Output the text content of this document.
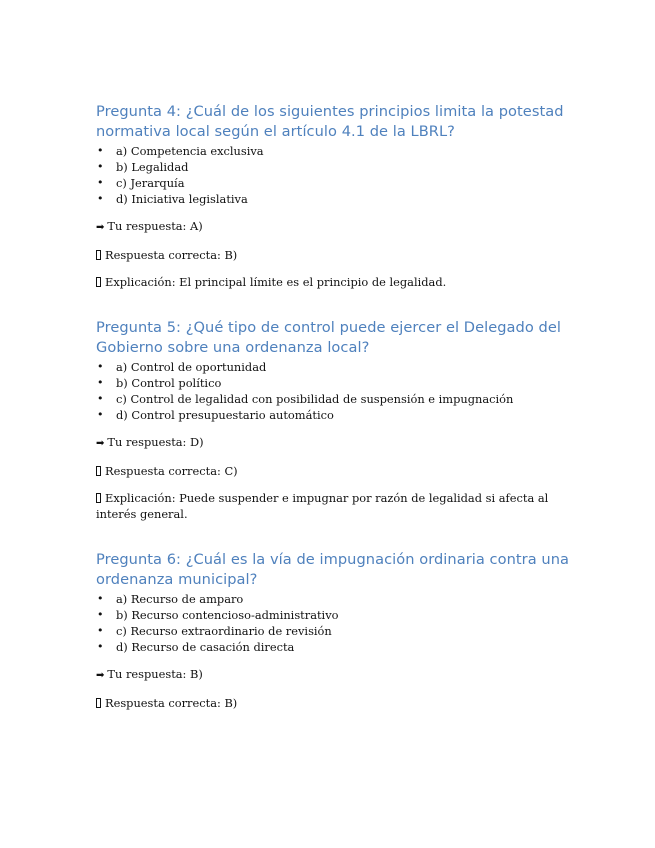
Pregunta 4: ¿Cuál de los siguientes principios limita la potestad normativa local según el artículo 4.1 de la LBRL?
• a) Competencia exclusiva
• b) Legalidad
• c) Jerarquía
• d) Iniciativa legislativa

➡ Tu respuesta: A)

Respuesta correcta: B)

Explicación: El principal límite es el principio de legalidad.

Pregunta 5: ¿Qué tipo de control puede ejercer el Delegado del Gobierno sobre una ordenanza local?
• a) Control de oportunidad
• b) Control político
• c) Control de legalidad con posibilidad de suspensión e impugnación
• d) Control presupuestario automático

➡ Tu respuesta: D)

Respuesta correcta: C)

Explicación: Puede suspender e impugnar por razón de legalidad si afecta al interés general.

Pregunta 6: ¿Cuál es la vía de impugnación ordinaria contra una ordenanza municipal?
• a) Recurso de amparo
• b) Recurso contencioso-administrativo
• c) Recurso extraordinario de revisión
• d) Recurso de casación directa

➡ Tu respuesta: B)

Respuesta correcta: B)
